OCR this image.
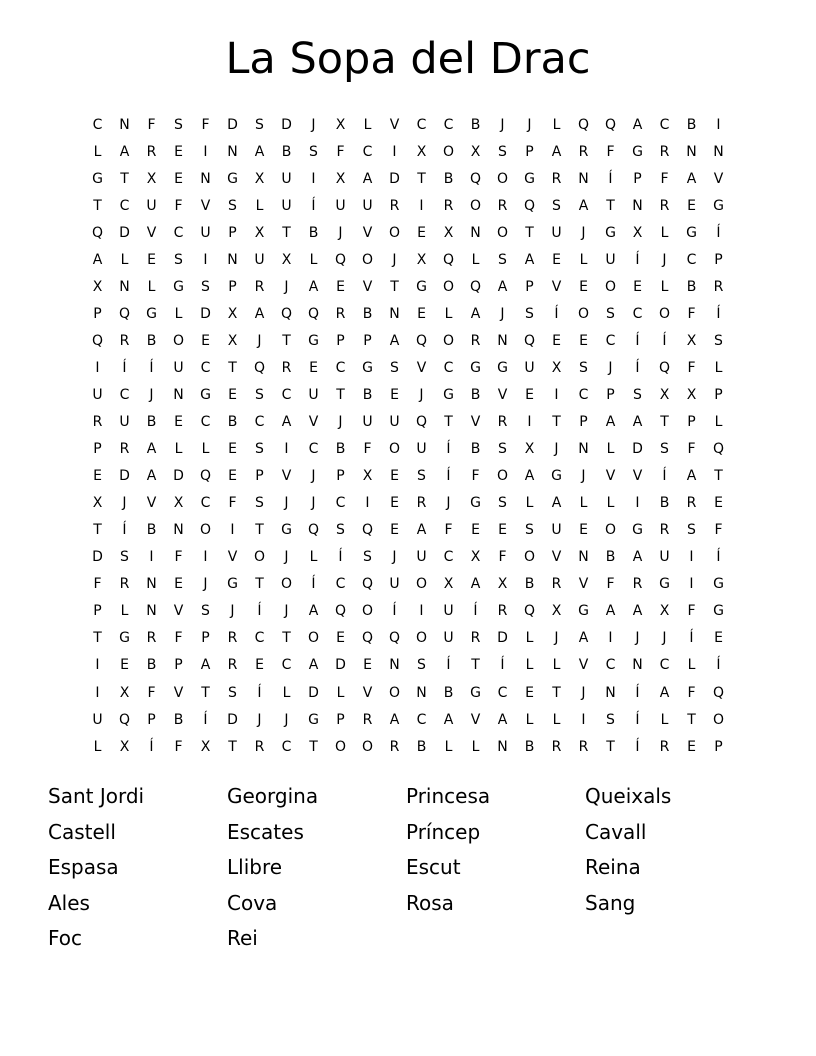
La Sopa del Drac
C	N	F	S	F	D	S	D	J	X	L	V	C	C	B	J	J	L	Q	Q	A	C	B	I
L	A	R	E	I	N	A	B	S	F	C	I	X	O	X	S	P	A	R	F	G	R	N	N
G	T	X	E	N	G	X	U	I	X	A	D	T	B	Q	O	G	R	N	Í	P	F	A	V
T	C	U	F	V	S	L	U	Í	U	U	R	I	R	O	R	Q	S	A	T	N	R	E	G
Q	D	V	C	U	P	X	T	B	J	V	O	E	X	N	O	T	U	J	G	X	L	G	Í
A	L	E	S	I	N	U	X	L	Q	O	J	X	Q	L	S	A	E	L	U	Í	J	C	P
X	N	L	G	S	P	R	J	A	E	V	T	G	O	Q	A	P	V	E	O	E	L	B	R
P	Q	G	L	D	X	A	Q	Q	R	B	N	E	L	A	J	S	Í	O	S	C	O	F	Í
Q	R	B	O	E	X	J	T	G	P	P	A	Q	O	R	N	Q	E	E	C	Í	Í	X	S
I	Í	Í	U	C	T	Q	R	E	C	G	S	V	C	G	G	U	X	S	J	Í	Q	F	L
U	C	J	N	G	E	S	C	U	T	B	E	J	G	B	V	E	I	C	P	S	X	X	P
R	U	B	E	C	B	C	A	V	J	U	U	Q	T	V	R	I	T	P	A	A	T	P	L
P	R	A	L	L	E	S	I	C	B	F	O	U	Í	B	S	X	J	N	L	D	S	F	Q
E	D	A	D	Q	E	P	V	J	P	X	E	S	Í	F	O	A	G	J	V	V	Í	A	T
X	J	V	X	C	F	S	J	J	C	I	E	R	J	G	S	L	A	L	L	I	B	R	E
T	Í	B	N	O	I	T	G	Q	S	Q	E	A	F	E	E	S	U	E	O	G	R	S	F
D	S	I	F	I	V	O	J	L	Í	S	J	U	C	X	F	O	V	N	B	A	U	I	Í
F	R	N	E	J	G	T	O	Í	C	Q	U	O	X	A	X	B	R	V	F	R	G	I	G
P	L	N	V	S	J	Í	J	A	Q	O	Í	I	U	Í	R	Q	X	G	A	A	X	F	G
T	G	R	F	P	R	C	T	O	E	Q	Q	O	U	R	D	L	J	A	I	J	J	Í	E
I	E	B	P	A	R	E	C	A	D	E	N	S	Í	T	Í	L	L	V	C	N	C	L	Í
I	X	F	V	T	S	Í	L	D	L	V	O	N	B	G	C	E	T	J	N	Í	A	F	Q
U	Q	P	B	Í	D	J	J	G	P	R	A	C	A	V	A	L	L	I	S	Í	L	T	O
L	X	Í	F	X	T	R	C	T	O	O	R	B	L	L	N	B	R	R	T	Í	R	E	P
Sant Jordi
Castell
Espasa
Ales
Foc
Georgina
Escates
Llibre
Cova
Rei
Princesa
Príncep
Escut
Rosa
Queixals
Cavall
Reina
Sang
